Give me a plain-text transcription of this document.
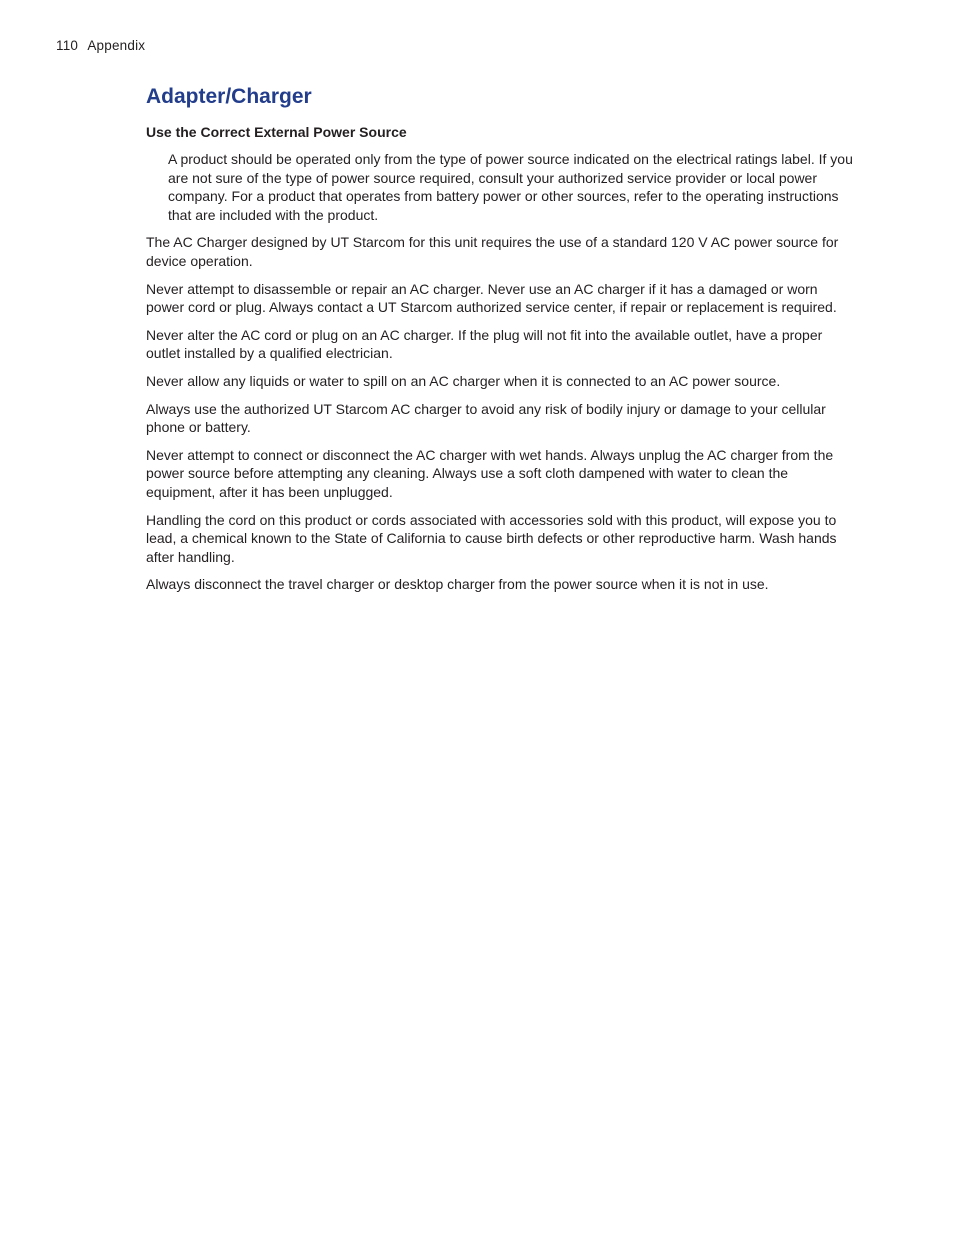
110 Appendix
Adapter/Charger
Use the Correct External Power Source

A product should be operated only from the type of power source indicated on the electrical ratings label. If you are not sure of the type of power source required, consult your authorized service provider or local power company. For a product that operates from battery power or other sources, refer to the operating instructions that are included with the product.

The AC Charger designed by UT Starcom for this unit requires the use of a standard 120 V AC power source for device operation.

Never attempt to disassemble or repair an AC charger. Never use an AC charger if it has a damaged or worn power cord or plug. Always contact a UT Starcom authorized service center, if repair or replacement is required.

Never alter the AC cord or plug on an AC charger. If the plug will not fit into the available outlet, have a proper outlet installed by a qualified electrician.

Never allow any liquids or water to spill on an AC charger when it is connected to an AC power source.

Always use the authorized UT Starcom AC charger to avoid any risk of bodily injury or damage to your cellular phone or battery.

Never attempt to connect or disconnect the AC charger with wet hands. Always unplug the AC charger from the power source before attempting any cleaning. Always use a soft cloth dampened with water to clean the equipment, after it has been unplugged.

Handling the cord on this product or cords associated with accessories sold with this product, will expose you to lead, a chemical known to the State of California to cause birth defects or other reproductive harm. Wash hands after handling.

Always disconnect the travel charger or desktop charger from the power source when it is not in use.
